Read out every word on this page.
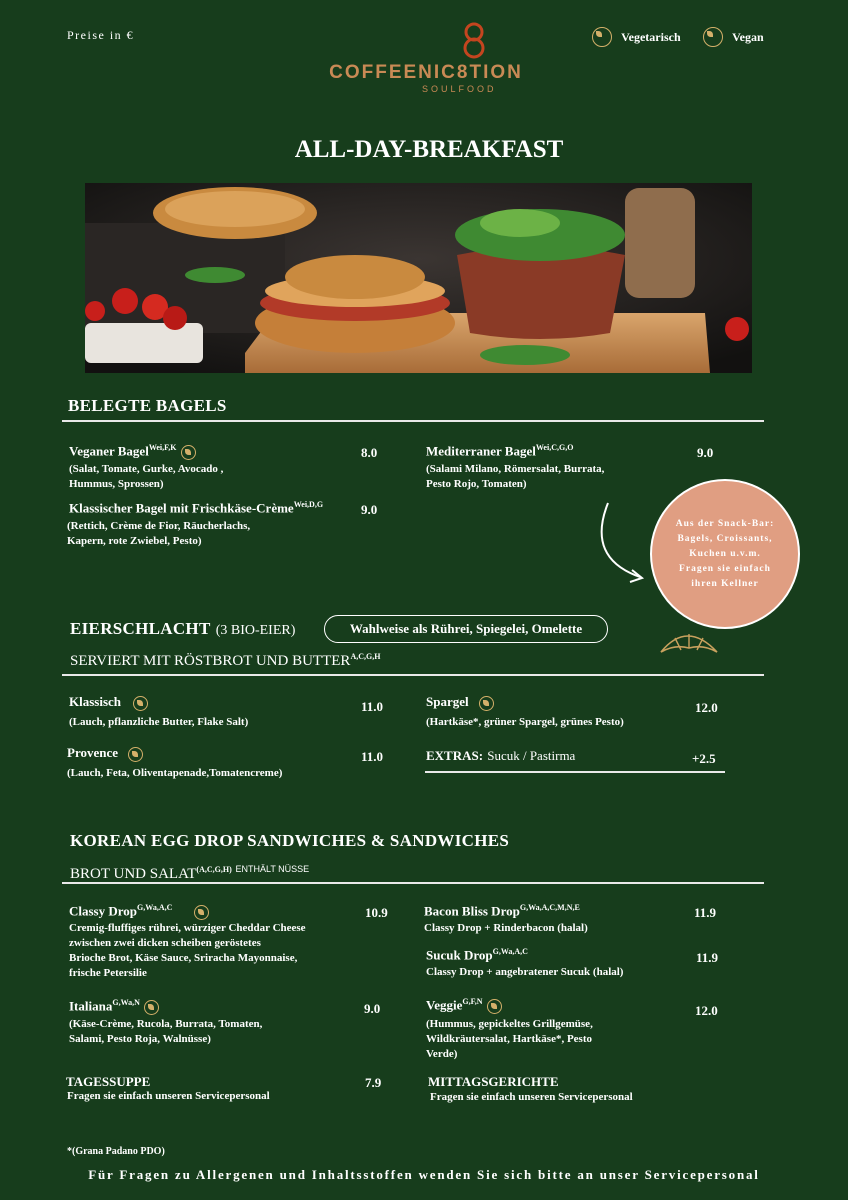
Preise in €
COFFEENIC8TION
SOULFOOD
Vegetarisch	Vegan
ALL-DAY-BREAKFAST
BELEGTE BAGELS
Veganer Bagel$^{Wei,F,K}$	8.0
(Salat, Tomate, Gurke, Avocado ,
Hummus, Sprossen)
Mediterraner Bagel$^{Wei,C,G,O}$	9.0
(Salami Milano, Römersalat, Burrata,
Pesto Rojo, Tomaten)
Klassischer Bagel mit Frischkäse-Crème$^{Wei,D,G}$	9.0
(Rettich, Crème de Fior, Räucherlachs,
Kapern, rote Zwiebel, Pesto)
Aus der Snack-Bar:
Bagels, Croissants,
Kuchen u.v.m.
Fragen sie einfach
ihren Kellner
EIERSCHLACHT (3 BIO-EIER)	Wahlweise als Rührei, Spiegelei, Omelette
SERVIERT MIT RÖSTBROT UND $BUTTER^{A,C,G,H}$
Klassisch	11.0
(Lauch, pflanzliche Butter, Flake Salt)
Spargel	12.0
(Hartkäse*, grüner Spargel, grünes Pesto)
Provence	11.0
(Lauch, Feta, Oliventapenade,Tomatencreme)
EXTRAS: Sucuk / Pastirma	+2.5
KOREAN EGG DROP SANDWICHES & SANDWICHES
BROT UND $SALAT^{(A,C,G,H)}$ $^{ENTHÄLT NÜSSE}$
Classy Drop$^{G,Wa,A,C}$	10.9
Cremig-fluffiges rührei, würziger Cheddar Cheese
zwischen zwei dicken scheiben geröstetes
Brioche Brot, Käse Sauce, Sriracha Mayonnaise,
frische Petersilie
Bacon Bliss Drop$^{G,Wa,A,C,M,N,E}$	11.9
Classy Drop + Rinderbacon (halal)
Sucuk Drop$^{G,Wa,A,C}$	11.9
Classy Drop + angebratener Sucuk (halal)
Italiana$^{G,Wa,N}$	9.0
(Käse-Crème, Rucola, Burrata, Tomaten,
Salami, Pesto Roja, Walnüsse)
Veggie$^{G,F,N}$
12.0
(Hummus, gepickeltes Grillgemüse,
Wildkräutersalat, Hartkäse*, Pesto
Verde)
TAGESSUPPE	7.9
Fragen sie einfach unseren Servicepersonal
MITTAGSGERICHTE
Fragen sie einfach unseren Servicepersonal
*(Grana Padano PDO)
Für Fragen zu Allergenen und Inhaltsstoffen wenden Sie sich bitte an unser Servicepersonal
